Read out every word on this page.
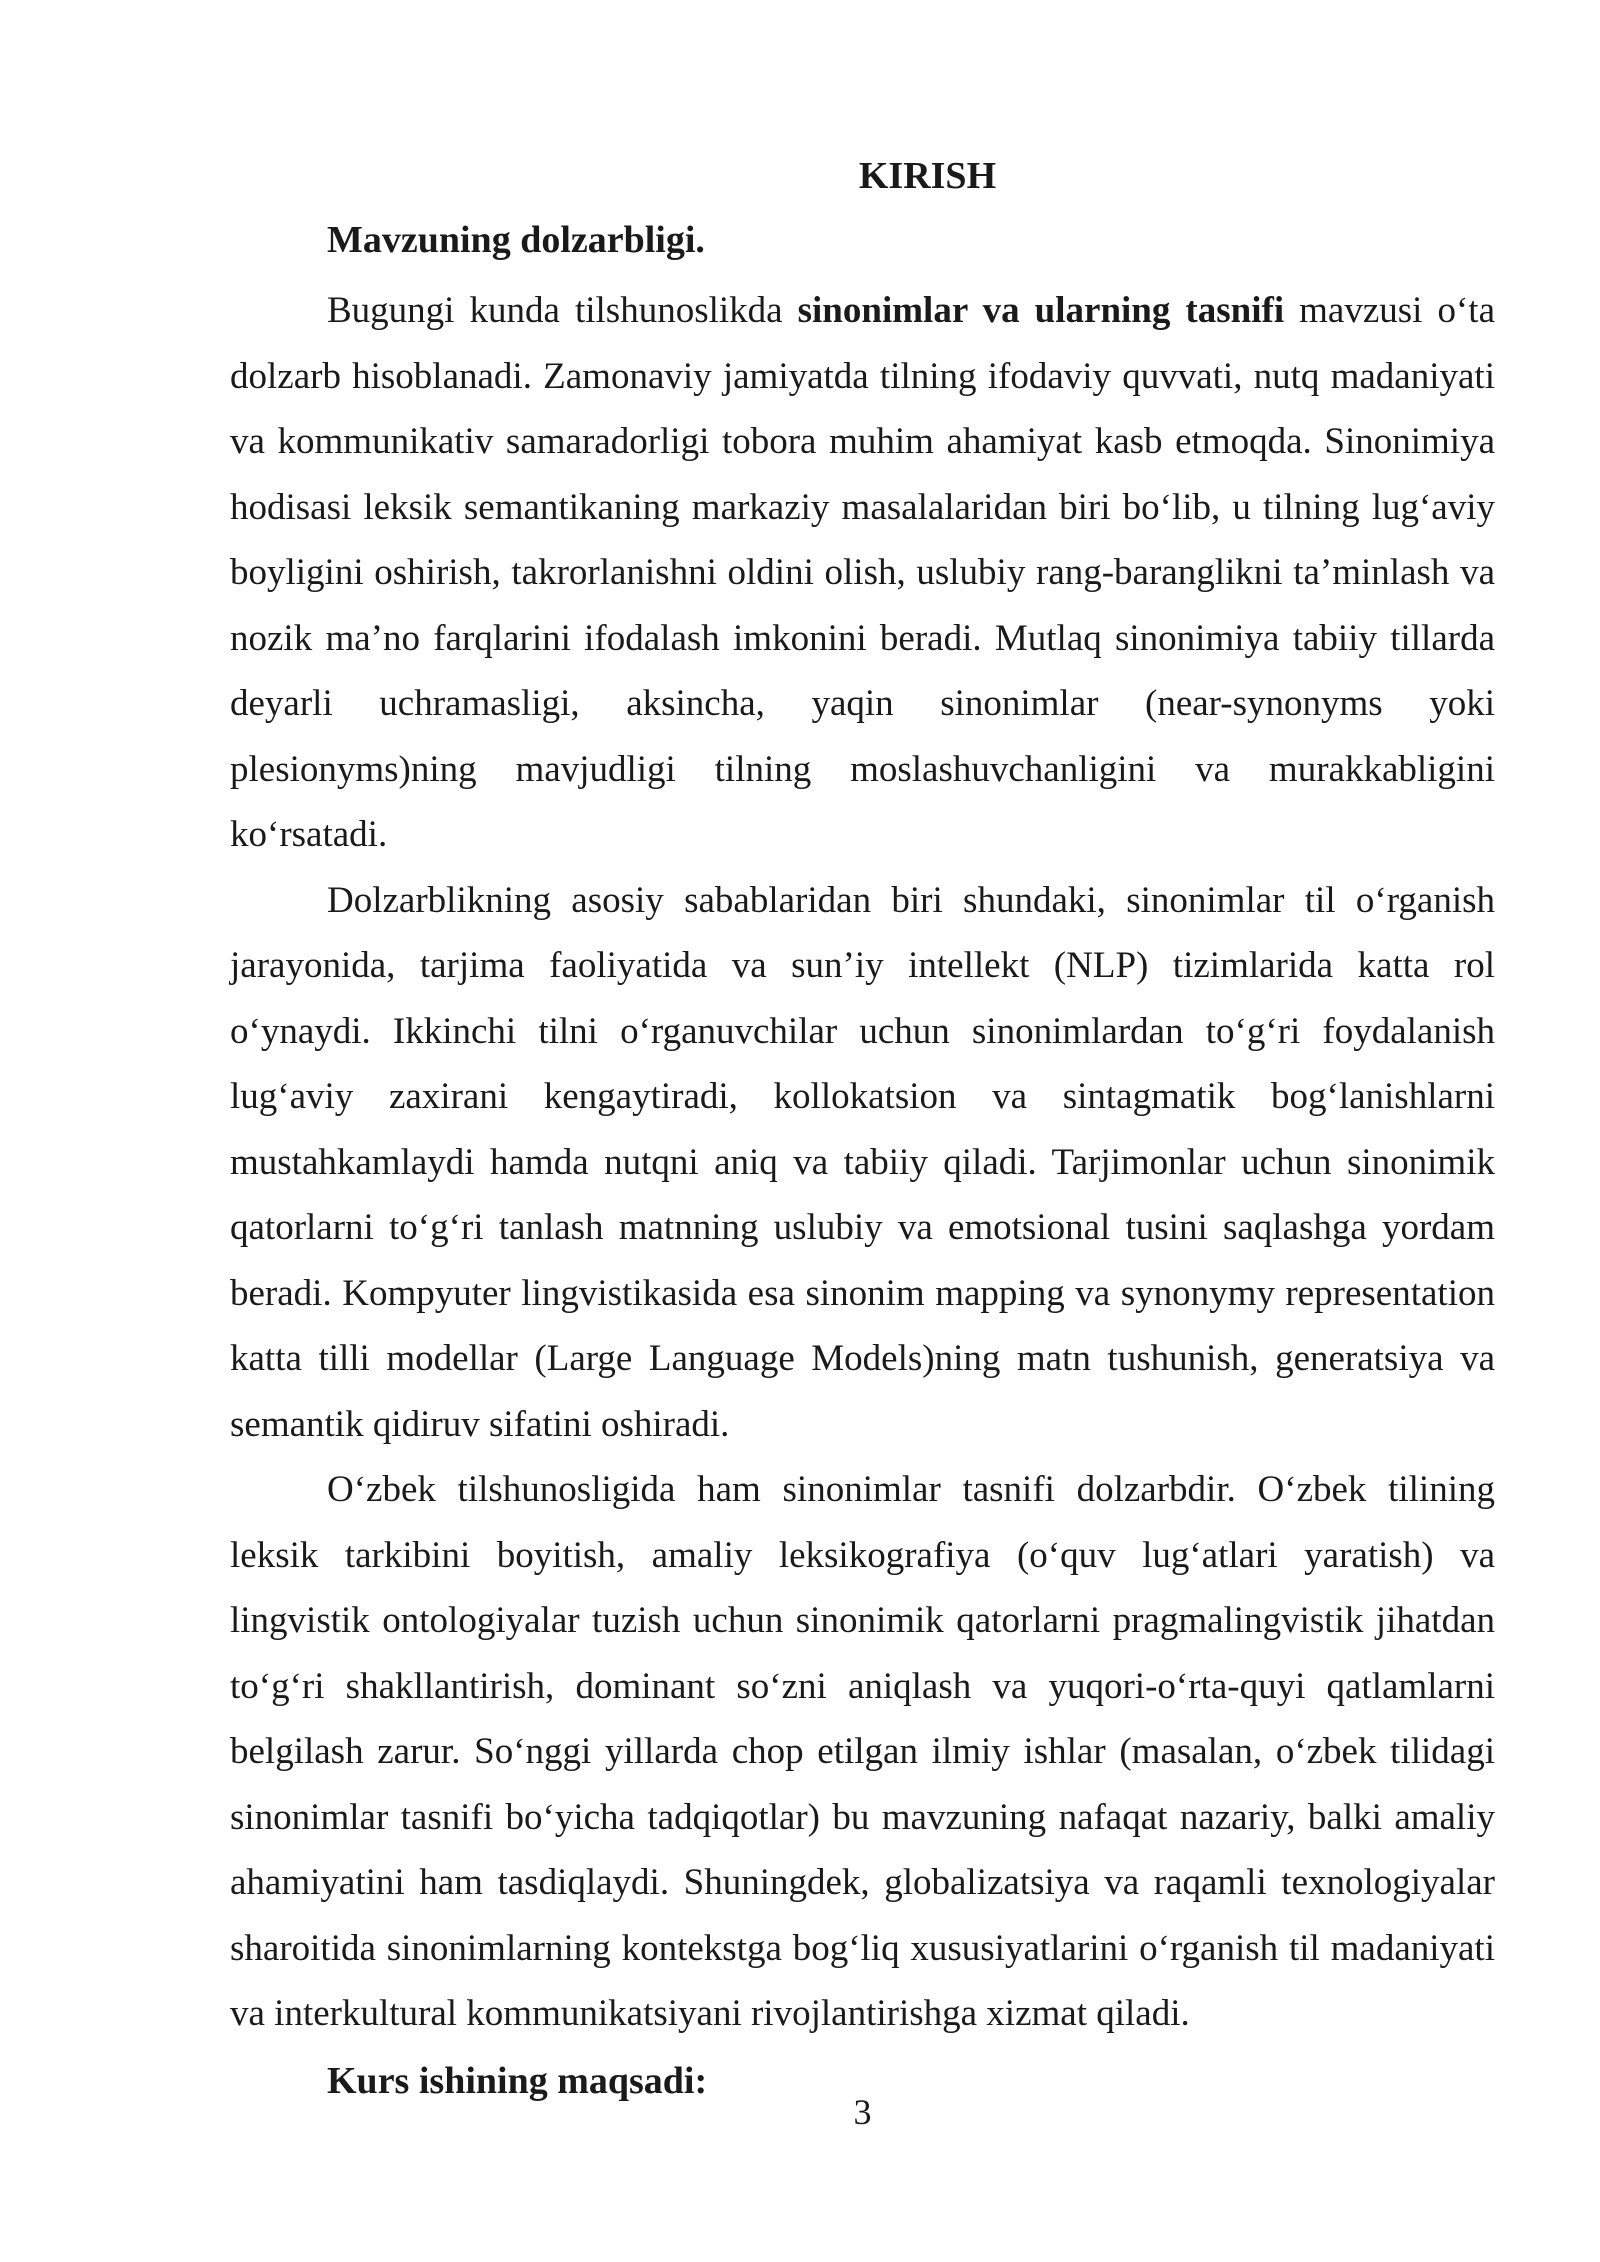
KIRISH
Mavzuning dolzarbligi.

Bugungi kunda tilshunoslikda sinonimlar va ularning tasnifi mavzusi o‘ta dolzarb hisoblanadi. Zamonaviy jamiyatda tilning ifodaviy quvvati, nutq madaniyati va kommunikativ samaradorligi tobora muhim ahamiyat kasb etmoqda. Sinonimiya hodisasi leksik semantikaning markaziy masalalaridan biri bo‘lib, u tilning lug‘aviy boyligini oshirish, takrorlanishni oldini olish, uslubiy rang-baranglikni ta’minlash va nozik ma’no farqlarini ifodalash imkonini beradi. Mutlaq sinonimiya tabiiy tillarda deyarli uchramasligi, aksincha, yaqin sinonimlar (near-synonyms yoki plesionyms)ning mavjudligi tilning moslashuvchanligini va murakkabligini ko‘rsatadi.

Dolzarblikning asosiy sabablaridan biri shundaki, sinonimlar til o‘rganish jarayonida, tarjima faoliyatida va sun’iy intellekt (NLP) tizimlarida katta rol o‘ynaydi. Ikkinchi tilni o‘rganuvchilar uchun sinonimlardan to‘g‘ri foydalanish lug‘aviy zaxirani kengaytiradi, kollokatsion va sintagmatik bog‘lanishlarni mustahkamlaydi hamda nutqni aniq va tabiiy qiladi. Tarjimonlar uchun sinonimik qatorlarni to‘g‘ri tanlash matnning uslubiy va emotsional tusini saqlashga yordam beradi. Kompyuter lingvistikasida esa sinonim mapping va synonymy representation katta tilli modellar (Large Language Models)ning matn tushunish, generatsiya va semantik qidiruv sifatini oshiradi.

O‘zbek tilshunosligida ham sinonimlar tasnifi dolzarbdir. O‘zbek tilining leksik tarkibini boyitish, amaliy leksikografiya (o‘quv lug‘atlari yaratish) va lingvistik ontologiyalar tuzish uchun sinonimik qatorlarni pragmalingvistik jihatdan to‘g‘ri shakllantirish, dominant so‘zni aniqlash va yuqori-o‘rta-quyi qatlamlarni belgilash zarur. So‘nggi yillarda chop etilgan ilmiy ishlar (masalan, o‘zbek tilidagi sinonimlar tasnifi bo‘yicha tadqiqotlar) bu mavzuning nafaqat nazariy, balki amaliy ahamiyatini ham tasdiqlaydi. Shuningdek, globalizatsiya va raqamli texnologiyalar sharoitida sinonimlarning kontekstga bog‘liq xususiyatlarini o‘rganish til madaniyati va interkultural kommunikatsiyani rivojlantirishga xizmat qiladi.

Kurs ishining maqsadi:
3
